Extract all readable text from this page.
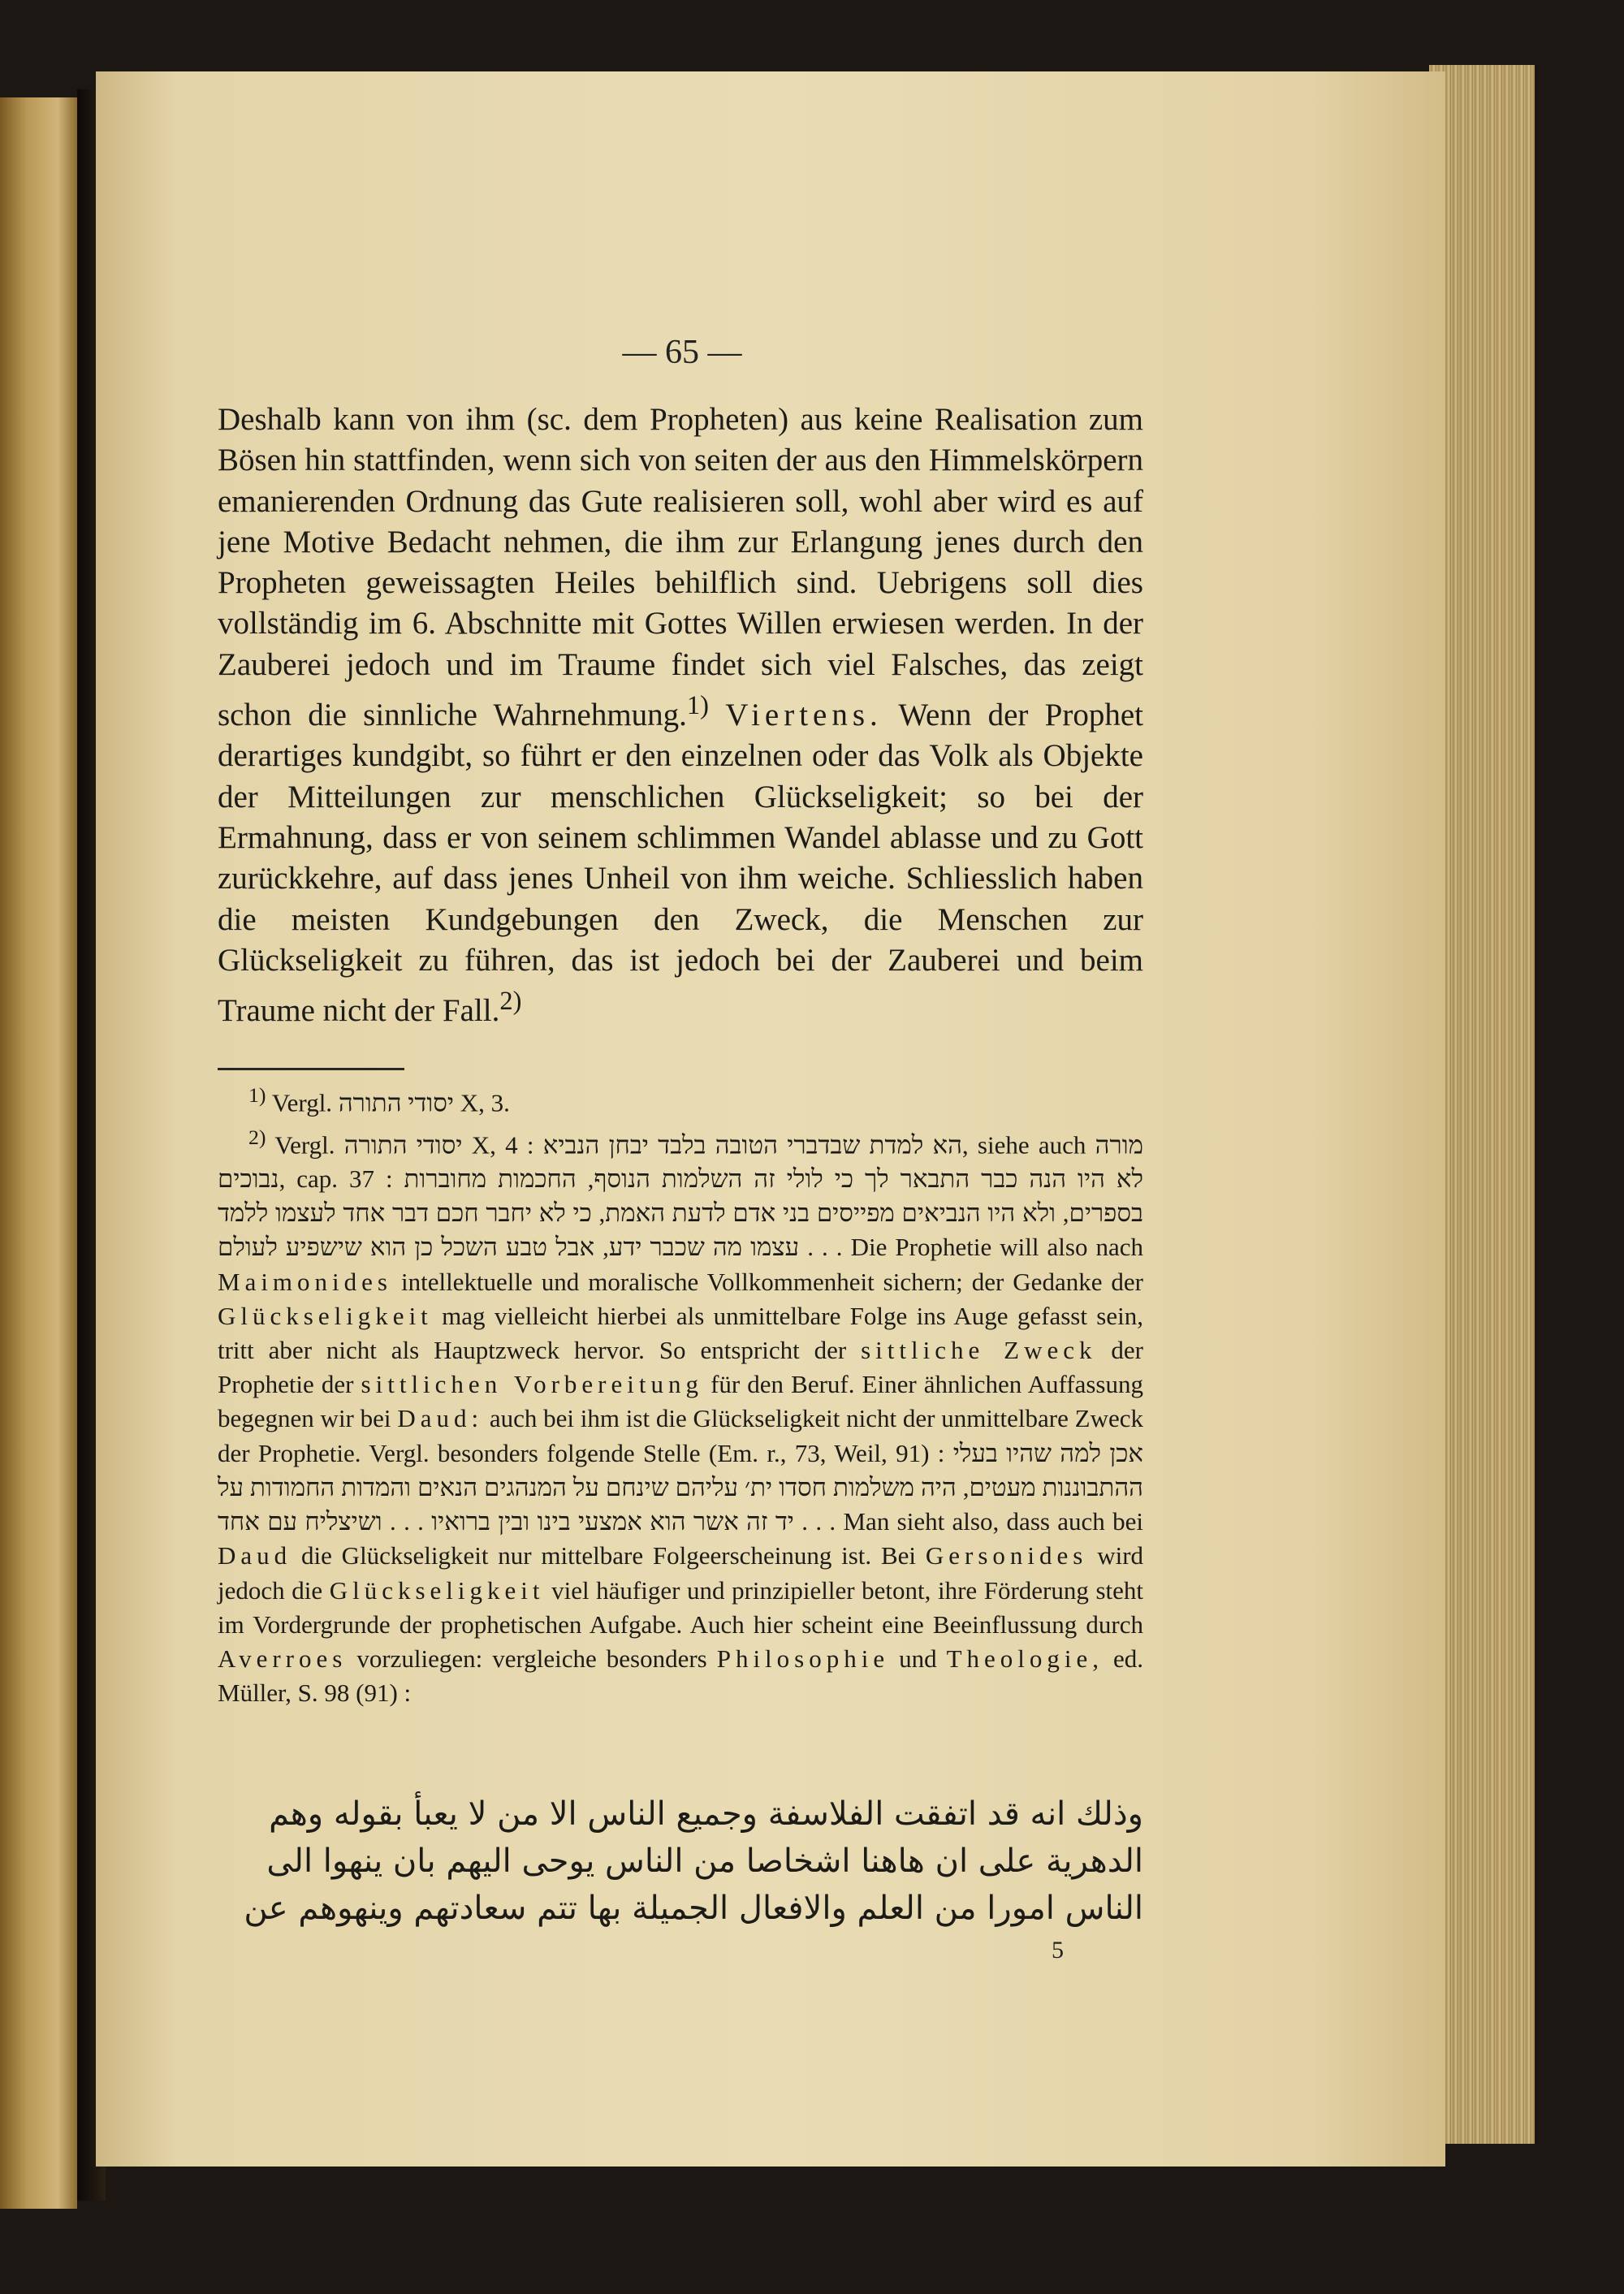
— 65 —

Deshalb kann von ihm (sc. dem Propheten) aus keine Realisation zum Bösen hin stattfinden, wenn sich von seiten der aus den Himmelskörpern emanierenden Ordnung das Gute realisieren soll, wohl aber wird es auf jene Motive Bedacht nehmen, die ihm zur Erlangung jenes durch den Propheten geweissagten Heiles behilflich sind. Uebrigens soll dies vollständig im 6. Abschnitte mit Gottes Willen erwiesen werden. In der Zauberei jedoch und im Traume findet sich viel Falsches, das zeigt schon die sinnliche Wahrnehmung.$^{1)}$ Viertens. Wenn der Prophet derartiges kundgibt, so führt er den einzelnen oder das Volk als Objekte der Mitteilungen zur menschlichen Glückseligkeit; so bei der Ermahnung, dass er von seinem schlimmen Wandel ablasse und zu Gott zurückkehre, auf dass jenes Unheil von ihm weiche. Schliesslich haben die meisten Kundgebungen den Zweck, die Menschen zur Glückseligkeit zu führen, das ist jedoch bei der Zauberei und beim Traume nicht der Fall.$^{2)}$

$^{1)}$ Vergl. יסודי התורה X, 3.

$^{2)}$ Vergl. יסודי התורה X, 4 : הא למדת שבדברי הטובה בלבד יבחן הנביא, siehe auch מורה נבוכים, cap. 37 : לא היו הנה כבר התבאר לך כי לולי זה השלמות הנוסף, החכמות מחוברות בספרים, ולא היו הנביאים מפייסים בני אדם לדעת האמת, כי לא יחבר חכם דבר אחד לעצמו ללמד עצמו מה שכבר ידע, אבל טבע השכל כן הוא שישפיע לעולם . . . Die Prophetie will also nach Maimonides intellektuelle und moralische Vollkommenheit sichern; der Gedanke der Glückseligkeit mag vielleicht hierbei als unmittelbare Folge ins Auge gefasst sein, tritt aber nicht als Hauptzweck hervor. So entspricht der sittliche Zweck der Prophetie der sittlichen Vorbereitung für den Beruf. Einer ähnlichen Auffassung begegnen wir bei Daud: auch bei ihm ist die Glückseligkeit nicht der unmittelbare Zweck der Prophetie. Vergl. besonders folgende Stelle (Em. r., 73, Weil, 91) : אכן למה שהיו בעלי ההתבוננות מעטים, היה משלמות חסדו ית׳ עליהם שינחם על המנהגים הנאים והמדות החמודות על יד זה אשר הוא אמצעי בינו ובין ברואיו . . . ושיצליח עם אחד . . . Man sieht also, dass auch bei Daud die Glückseligkeit nur mittelbare Folgeerscheinung ist. Bei Gersonides wird jedoch die Glückseligkeit viel häufiger und prinzipieller betont, ihre Förderung steht im Vordergrunde der prophetischen Aufgabe. Auch hier scheint eine Beeinflussung durch Averroes vorzuliegen: vergleiche besonders Philosophie und Theologie, ed. Müller, S. 98 (91) :

وذلك انه قد اتفقت الفلاسفة وجميع الناس الا من لا يعبأ بقوله وهم

الدهرية على ان هاهنا اشخاصا من الناس يوحى اليهم بان ينهوا الى

الناس امورا من العلم والافعال الجميلة بها تتم سعادتهم وينهوهم عن

5
